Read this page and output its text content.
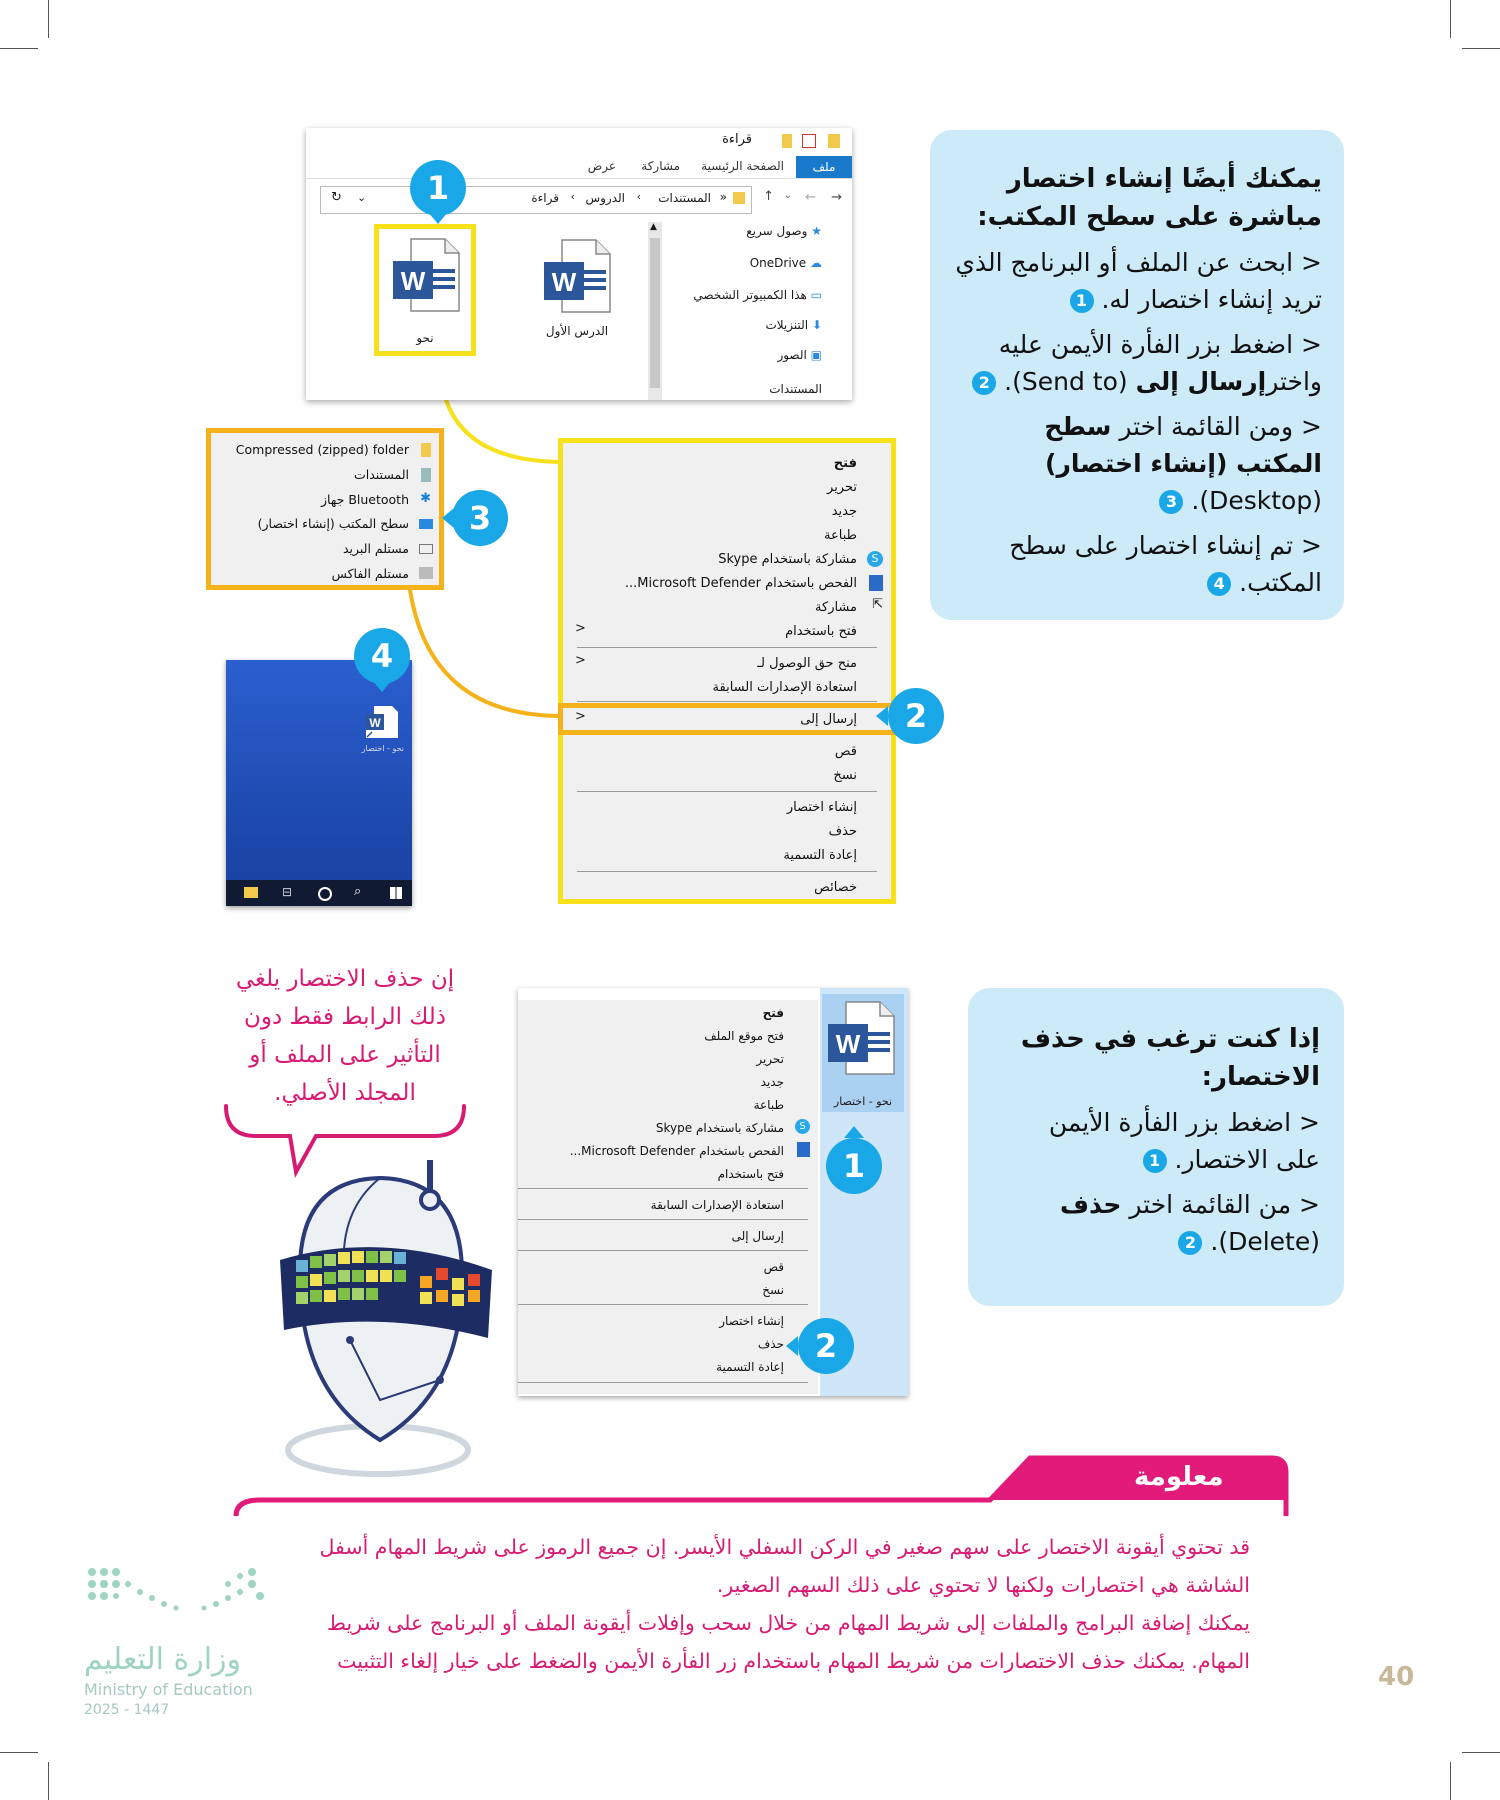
يمكنك أيضًا إنشاء اختصار مباشرة على سطح المكتب:
< ابحث عن الملف أو البرنامج الذي تريد إنشاء اختصار له. 1
< اضغط بزر الفأرة الأيمن عليه واخترإرسال إلى (Send to). 2
< ومن القائمة اختر سطح المكتب (إنشاء اختصار) (Desktop). 3
< تم إنشاء اختصار على سطح المكتب. 4
قراءة
ملف
الصفحة الرئيسية
مشاركة
عرض
→
←
⌄
↑
«
المستندات
›
الدروس
›
قراءة
⌄
↻
★ وصول سريع
☁ OneDrive
▭ هذا الكمبيوتر الشخصي
⬇ التنزيلات
▣ الصور
المستندات
▲
W
الدرس الأول
W
نحو
1
Compressed (zipped) folder
المستندات
Bluetooth جهاز
سطح المكتب (إنشاء اختصار)
مستلم البريد
مستلم الفاكس
✱
3
فتح
تحرير
جديد
طباعة
S
مشاركة باستخدام Skype
الفحص باستخدام Microsoft Defender...
⇱
مشاركة
فتح باستخدام
<
منح حق الوصول لـ
<
استعادة الإصدارات السابقة
إرسال إلى
<
قص
نسخ
إنشاء اختصار
حذف
إعادة التسمية
خصائص
2
W
نحو - اختصار
⊟	⌕
4
إذا كنت ترغب في حذف الاختصار:
< اضغط بزر الفأرة الأيمن على الاختصار. 1
< من القائمة اختر حذف (Delete). 2
W
نحو - اختصار
فتح
فتح موقع الملف
تحرير
جديد
طباعة
S
مشاركة باستخدام Skype
الفحص باستخدام Microsoft Defender...
فتح باستخدام
استعادة الإصدارات السابقة
إرسال إلى
قص
نسخ
إنشاء اختصار
حذف
إعادة التسمية
1
2
إن حذف الاختصار يلغي ذلك الرابط فقط دون التأثير على الملف أو المجلد الأصلي.
معلومة
قد تحتوي أيقونة الاختصار على سهم صغير في الركن السفلي الأيسر. إن جميع الرموز على شريط المهام أسفل
الشاشة هي اختصارات ولكنها لا تحتوي على ذلك السهم الصغير.
يمكنك إضافة البرامج والملفات إلى شريط المهام من خلال سحب وإفلات أيقونة الملف أو البرنامج على شريط
المهام. يمكنك حذف الاختصارات من شريط المهام باستخدام زر الفأرة الأيمن والضغط على خيار إلغاء التثبيت
وزارة التعليم
Ministry of Education
2025 - 1447
40
